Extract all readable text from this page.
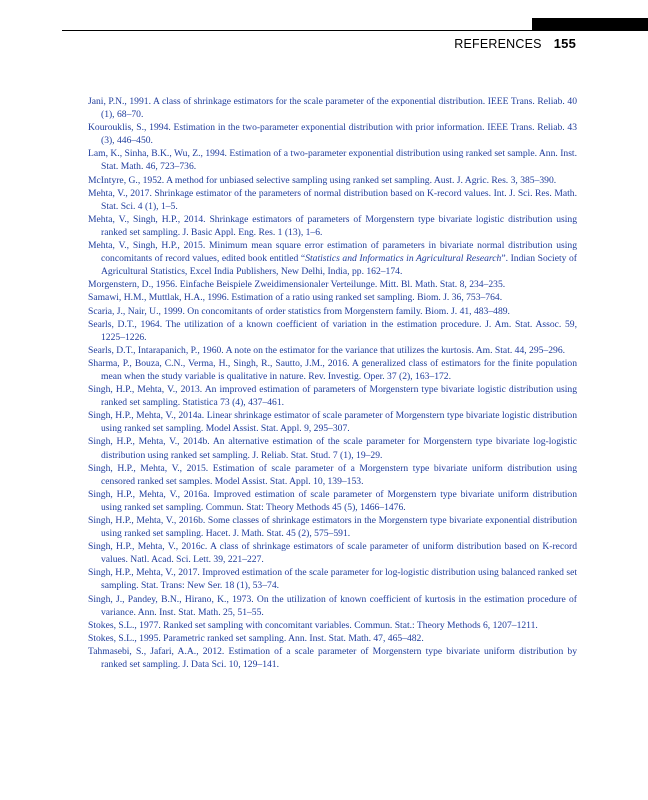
REFERENCES 155
Jani, P.N., 1991. A class of shrinkage estimators for the scale parameter of the exponential distribution. IEEE Trans. Reliab. 40 (1), 68–70.
Kourouklis, S., 1994. Estimation in the two-parameter exponential distribution with prior information. IEEE Trans. Reliab. 43 (3), 446–450.
Lam, K., Sinha, B.K., Wu, Z., 1994. Estimation of a two-parameter exponential distribution using ranked set sample. Ann. Inst. Stat. Math. 46, 723–736.
McIntyre, G., 1952. A method for unbiased selective sampling using ranked set sampling. Aust. J. Agric. Res. 3, 385–390.
Mehta, V., 2017. Shrinkage estimator of the parameters of normal distribution based on K-record values. Int. J. Sci. Res. Math. Stat. Sci. 4 (1), 1–5.
Mehta, V., Singh, H.P., 2014. Shrinkage estimators of parameters of Morgenstern type bivariate logistic distribution using ranked set sampling. J. Basic Appl. Eng. Res. 1 (13), 1–6.
Mehta, V., Singh, H.P., 2015. Minimum mean square error estimation of parameters in bivariate normal distribution using concomitants of record values, edited book entitled “Statistics and Informatics in Agricultural Research”. Indian Society of Agricultural Statistics, Excel India Publishers, New Delhi, India, pp. 162–174.
Morgenstern, D., 1956. Einfache Beispiele Zweidimensionaler Verteilunge. Mitt. Bl. Math. Stat. 8, 234–235.
Samawi, H.M., Muttlak, H.A., 1996. Estimation of a ratio using ranked set sampling. Biom. J. 36, 753–764.
Scaria, J., Nair, U., 1999. On concomitants of order statistics from Morgenstern family. Biom. J. 41, 483–489.
Searls, D.T., 1964. The utilization of a known coefficient of variation in the estimation procedure. J. Am. Stat. Assoc. 59, 1225–1226.
Searls, D.T., Intarapanich, P., 1960. A note on the estimator for the variance that utilizes the kurtosis. Am. Stat. 44, 295–296.
Sharma, P., Bouza, C.N., Verma, H., Singh, R., Sautto, J.M., 2016. A generalized class of estimators for the finite population mean when the study variable is qualitative in nature. Rev. Investig. Oper. 37 (2), 163–172.
Singh, H.P., Mehta, V., 2013. An improved estimation of parameters of Morgenstern type bivariate logistic distribution using ranked set sampling. Statistica 73 (4), 437–461.
Singh, H.P., Mehta, V., 2014a. Linear shrinkage estimator of scale parameter of Morgenstern type bivariate logistic distribution using ranked set sampling. Model Assist. Stat. Appl. 9, 295–307.
Singh, H.P., Mehta, V., 2014b. An alternative estimation of the scale parameter for Morgenstern type bivariate log-logistic distribution using ranked set sampling. J. Reliab. Stat. Stud. 7 (1), 19–29.
Singh, H.P., Mehta, V., 2015. Estimation of scale parameter of a Morgenstern type bivariate uniform distribution using censored ranked set samples. Model Assist. Stat. Appl. 10, 139–153.
Singh, H.P., Mehta, V., 2016a. Improved estimation of scale parameter of Morgenstern type bivariate uniform distribution using ranked set sampling. Commun. Stat: Theory Methods 45 (5), 1466–1476.
Singh, H.P., Mehta, V., 2016b. Some classes of shrinkage estimators in the Morgenstern type bivariate exponential distribution using ranked set sampling. Hacet. J. Math. Stat. 45 (2), 575–591.
Singh, H.P., Mehta, V., 2016c. A class of shrinkage estimators of scale parameter of uniform distribution based on K-record values. Natl. Acad. Sci. Lett. 39, 221–227.
Singh, H.P., Mehta, V., 2017. Improved estimation of the scale parameter for log-logistic distribution using balanced ranked set sampling. Stat. Trans: New Ser. 18 (1), 53–74.
Singh, J., Pandey, B.N., Hirano, K., 1973. On the utilization of known coefficient of kurtosis in the estimation procedure of variance. Ann. Inst. Stat. Math. 25, 51–55.
Stokes, S.L., 1977. Ranked set sampling with concomitant variables. Commun. Stat.: Theory Methods 6, 1207–1211.
Stokes, S.L., 1995. Parametric ranked set sampling. Ann. Inst. Stat. Math. 47, 465–482.
Tahmasebi, S., Jafari, A.A., 2012. Estimation of a scale parameter of Morgenstern type bivariate uniform distribution by ranked set sampling. J. Data Sci. 10, 129–141.
